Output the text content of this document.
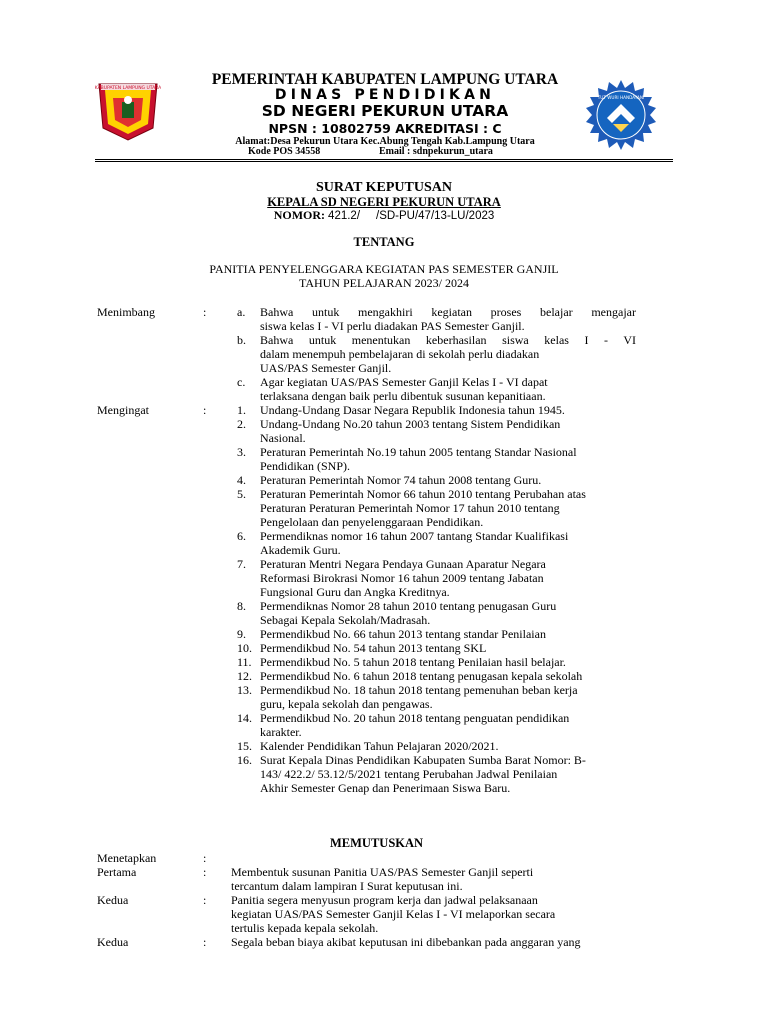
KABUPATEN LAMPUNG UTARA
TUT WURI HANDAYANI
PEMERINTAH KABUPATEN LAMPUNG UTARA
DINAS PENDIDIKAN
SD NEGERI PEKURUN UTARA
NPSN : 10802759 AKREDITASI : C
Alamat:Desa Pekurun Utara Kec.Abung Tengah Kab.Lampung Utara
Kode POS 34558	Email : sdnpekurun_utara
SURAT KEPUTUSAN
KEPALA SD NEGERI PEKURUN UTARA
NOMOR: 421.2/     /SD-PU/47/13-LU/2023
TENTANG
PANITIA PENYELENGGARA KEGIATAN PAS SEMESTER GANJIL
TAHUN PELAJARAN 2023/ 2024
Menimbang	:	a. Bahwa untuk mengakhiri kegiatan proses belajar mengajar
siswa kelas I - VI perlu diadakan PAS Semester Ganjil.
b. Bahwa untuk menentukan keberhasilan siswa kelas I - VI
dalam menempuh pembelajaran di sekolah perlu diadakan
UAS/PAS Semester Ganjil.
c. Agar kegiatan UAS/PAS Semester Ganjil Kelas I - VI dapat
terlaksana dengan baik perlu dibentuk susunan kepanitiaan.
Mengingat	:	1. Undang-Undang Dasar Negara Republik Indonesia tahun 1945.
2. Undang-Undang No.20 tahun 2003 tentang Sistem Pendidikan
Nasional.
3. Peraturan Pemerintah No.19 tahun 2005 tentang Standar Nasional
Pendidikan (SNP).
4. Peraturan Pemerintah Nomor 74 tahun 2008 tentang Guru.
5. Peraturan Pemerintah Nomor 66 tahun 2010 tentang Perubahan atas
Peraturan Peraturan Pemerintah Nomor 17 tahun 2010 tentang
Pengelolaan dan penyelenggaraan Pendidikan.
6. Permendiknas nomor 16 tahun 2007 tantang Standar Kualifikasi
Akademik Guru.
7. Peraturan Mentri Negara Pendaya Gunaan Aparatur Negara
Reformasi Birokrasi Nomor 16 tahun 2009 tentang Jabatan
Fungsional Guru dan Angka Kreditnya.
8. Permendiknas Nomor 28 tahun 2010 tentang penugasan Guru
Sebagai Kepala Sekolah/Madrasah.
9. Permendikbud No. 66 tahun 2013 tentang standar Penilaian
10. Permendikbud No. 54 tahun 2013 tentang SKL
11. Permendikbud No. 5 tahun 2018 tentang Penilaian hasil belajar.
12. Permendikbud No. 6 tahun 2018 tentang penugasan kepala sekolah
13. Permendikbud No. 18 tahun 2018 tentang pemenuhan beban kerja
guru, kepala sekolah dan pengawas.
14. Permendikbud No. 20 tahun 2018 tentang penguatan pendidikan
karakter.
15. Kalender Pendidikan Tahun Pelajaran 2020/2021.
16. Surat Kepala Dinas Pendidikan Kabupaten Sumba Barat Nomor: B-
143/ 422.2/ 53.12/5/2021 tentang Perubahan Jadwal Penilaian
Akhir Semester Genap dan Penerimaan Siswa Baru.
MEMUTUSKAN
Menetapkan	:
Pertama	: Membentuk susunan Panitia UAS/PAS Semester Ganjil seperti
tercantum dalam lampiran I Surat keputusan ini.
Kedua	: Panitia segera menyusun program kerja dan jadwal pelaksanaan
kegiatan UAS/PAS Semester Ganjil Kelas I - VI melaporkan secara
tertulis kepada kepala sekolah.
Kedua	: Segala beban biaya akibat keputusan ini dibebankan pada anggaran yang
